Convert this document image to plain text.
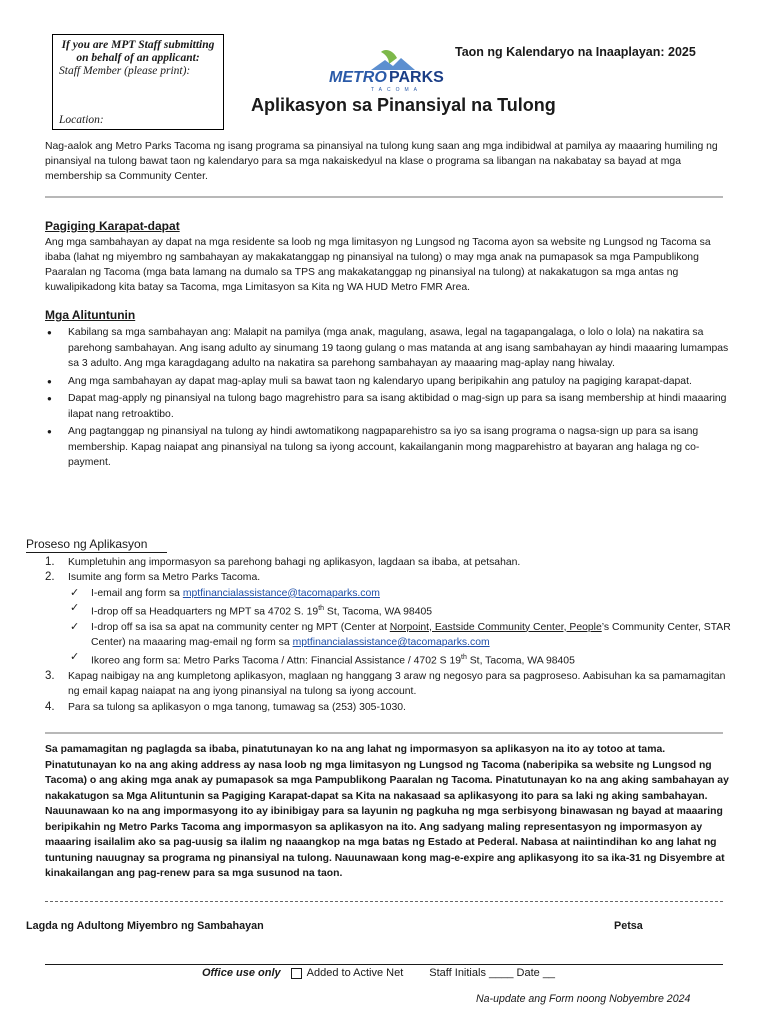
If you are MPT Staff submitting on behalf of an applicant:
Staff Member (please print):
Location:
Taon ng Kalendaryo na Inaaplayan: 2025
METRO PARKS
TACOMA
Aplikasyon sa Pinansiyal na Tulong

Nag-aalok ang Metro Parks Tacoma ng isang programa sa pinansiyal na tulong kung saan ang mga indibidwal at pamilya ay maaaring humiling ng pinansiyal na tulong bawat taon ng kalendaryo para sa mga nakaiskedyul na klase o programa sa libangan na nakabatay sa bayad at mga membership sa Community Center.

Pagiging Karapat-dapat

Ang mga sambahayan ay dapat na mga residente sa loob ng mga limitasyon ng Lungsod ng Tacoma ayon sa website ng Lungsod ng Tacoma sa ibaba (lahat ng miyembro ng sambahayan ay makakatanggap ng pinansiyal na tulong) o may mga anak na pumapasok sa mga Pampublikong Paaralan ng Tacoma (mga bata lamang na dumalo sa TPS ang makakatanggap ng pinansiyal na tulong) at nakakatugon sa mga antas ng kuwalipikadong kita batay sa Tacoma, mga Limitasyon sa Kita ng WA HUD Metro FMR Area.

Mga Alituntunin
● Kabilang sa mga sambahayan ang: Malapit na pamilya (mga anak, magulang, asawa, legal na tagapangalaga, o lolo o lola) na nakatira sa parehong sambahayan. Ang isang adulto ay sinumang 19 taong gulang o mas matanda at ang isang sambahayan ay hindi maaaring lumampas sa 3 adulto. Ang mga karagdagang adulto na nakatira sa parehong sambahayan ay maaaring mag-aplay nang hiwalay.
● Ang mga sambahayan ay dapat mag-aplay muli sa bawat taon ng kalendaryo upang beripikahin ang patuloy na pagiging karapat-dapat.
● Dapat mag-apply ng pinansiyal na tulong bago magrehistro para sa isang aktibidad o mag-sign up para sa isang membership at hindi maaaring ilapat nang retroaktibo.
● Ang pagtanggap ng pinansiyal na tulong ay hindi awtomatikong nagpaparehistro sa iyo sa isang programa o nagsa-sign up para sa isang membership. Kapag naiapat ang pinansiyal na tulong sa iyong account, kakailanganin mong magparehistro at bayaran ang halaga ng co-payment.
Proseso ng Aplikasyon
1. Kumpletuhin ang impormasyon sa parehong bahagi ng aplikasyon, lagdaan sa ibaba, at petsahan.
2. Isumite ang form sa Metro Parks Tacoma.
✓ I-email ang form sa mptfinancialassistance@tacomaparks.com
✓ I-drop off sa Headquarters ng MPT sa 4702 S. 19th St, Tacoma, WA 98405
✓ I-drop off sa isa sa apat na community center ng MPT (Center at Norpoint, Eastside Community Center, People’s Community Center, STAR Center) na maaaring mag-email ng form sa mptfinancialassistance@tacomaparks.com
✓ Ikoreo ang form sa: Metro Parks Tacoma / Attn: Financial Assistance / 4702 S 19th St, Tacoma, WA 98405
3. Kapag naibigay na ang kumpletong aplikasyon, maglaan ng hanggang 3 araw ng negosyo para sa pagproseso. Aabisuhan ka sa pamamagitan ng email kapag naiapat na ang iyong pinansiyal na tulong sa iyong account.
4. Para sa tulong sa aplikasyon o mga tanong, tumawag sa (253) 305-1030.

Sa pamamagitan ng paglagda sa ibaba, pinatutunayan ko na ang lahat ng impormasyon sa aplikasyon na ito ay totoo at tama. Pinatutunayan ko na ang aking address ay nasa loob ng mga limitasyon ng Lungsod ng Tacoma (naberipika sa website ng Lungsod ng Tacoma) o ang aking mga anak ay pumapasok sa mga Pampublikong Paaralan ng Tacoma. Pinatutunayan ko na ang aking sambahayan ay nakakatugon sa Mga Alituntunin sa Pagiging Karapat-dapat sa Kita na nakasaad sa aplikasyong ito para sa laki ng aking sambahayan. Nauunawaan ko na ang impormasyong ito ay ibinibigay para sa layunin ng pagkuha ng mga serbisyong binawasan ng bayad at maaaring beripikahin ng Metro Parks Tacoma ang impormasyon sa aplikasyon na ito. Ang sadyang maling representasyon ng impormasyon ay maaaring isailalim ako sa pag-uusig sa ilalim ng naaangkop na mga batas ng Estado at Pederal. Nabasa at naiintindihan ko ang lahat ng tuntuning nauugnay sa programa ng pinansiyal na tulong. Nauunawaan kong mag-e-expire ang aplikasyong ito sa ika-31 ng Disyembre at kinakailangan ang pag-renew para sa mga susunod na taon.

Lagda ng Adultong Miyembro ng Sambahayan	Petsa
Office use only Added to Active Net Staff Initials ____ Date __
Na-update ang Form noong Nobyembre 2024
